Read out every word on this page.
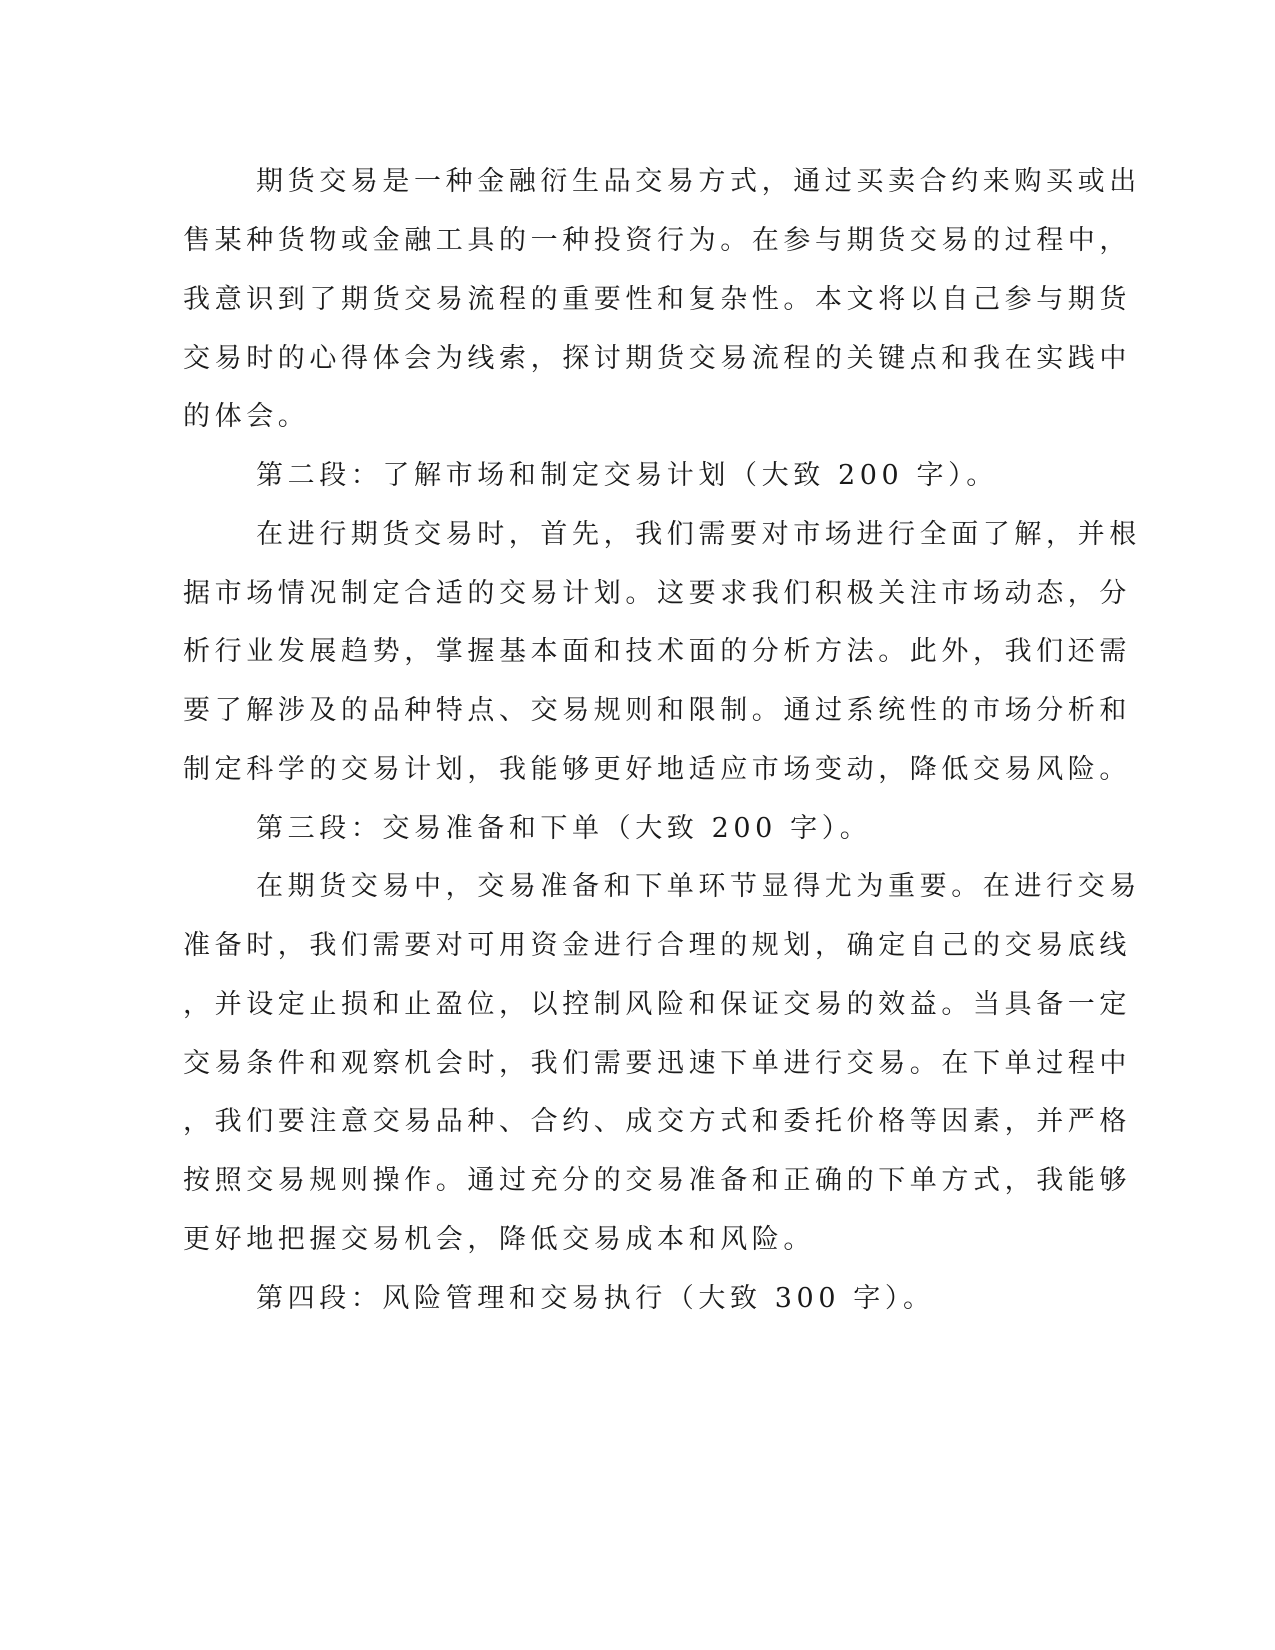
期货交易是一种金融衍生品交易方式，通过买卖合约来购买或出
售某种货物或金融工具的一种投资行为。在参与期货交易的过程中，
我意识到了期货交易流程的重要性和复杂性。本文将以自己参与期货
交易时的心得体会为线索，探讨期货交易流程的关键点和我在实践中
的体会。
第二段：了解市场和制定交易计划（大致 200 字）。
在进行期货交易时，首先，我们需要对市场进行全面了解，并根
据市场情况制定合适的交易计划。这要求我们积极关注市场动态，分
析行业发展趋势，掌握基本面和技术面的分析方法。此外，我们还需
要了解涉及的品种特点、交易规则和限制。通过系统性的市场分析和
制定科学的交易计划，我能够更好地适应市场变动，降低交易风险。
第三段：交易准备和下单（大致 200 字）。
在期货交易中，交易准备和下单环节显得尤为重要。在进行交易
准备时，我们需要对可用资金进行合理的规划，确定自己的交易底线
，并设定止损和止盈位，以控制风险和保证交易的效益。当具备一定
交易条件和观察机会时，我们需要迅速下单进行交易。在下单过程中
，我们要注意交易品种、合约、成交方式和委托价格等因素，并严格
按照交易规则操作。通过充分的交易准备和正确的下单方式，我能够
更好地把握交易机会，降低交易成本和风险。
第四段：风险管理和交易执行（大致 300 字）。
